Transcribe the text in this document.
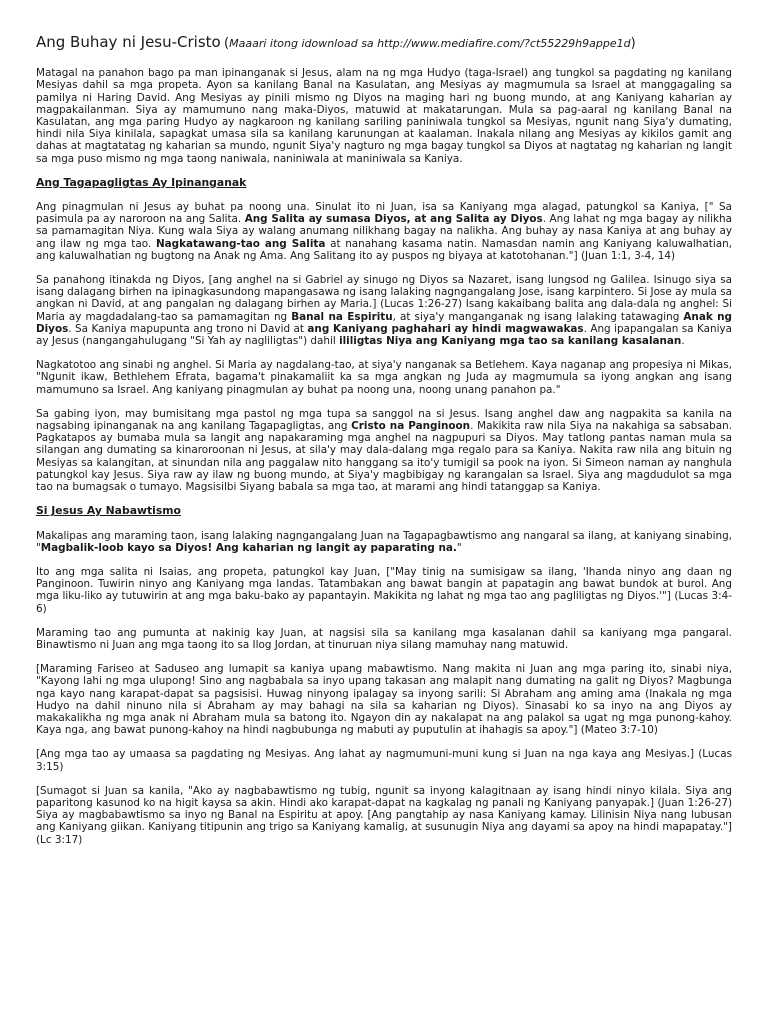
Ang Buhay ni Jesu-Cristo (Maaari itong idownload sa http://www.mediafire.com/?ct55229h9appe1d)

Matagal na panahon bago pa man ipinanganak si Jesus, alam na ng mga Hudyo (taga-Israel) ang tungkol sa pagdating ng kanilang Mesiyas dahil sa mga propeta. Ayon sa kanilang Banal na Kasulatan, ang Mesiyas ay magmumula sa Israel at manggagaling sa pamilya ni Haring David. Ang Mesiyas ay pinili mismo ng Diyos na maging hari ng buong mundo, at ang Kaniyang kaharian ay magpakailanman. Siya ay mamumuno nang maka-Diyos, matuwid at makatarungan. Mula sa pag-aaral ng kanilang Banal na Kasulatan, ang mga paring Hudyo ay nagkaroon ng kanilang sariling paniniwala tungkol sa Mesiyas, ngunit nang Siya'y dumating, hindi nila Siya kinilala, sapagkat umasa sila sa kanilang karunungan at kaalaman. Inakala nilang ang Mesiyas ay kikilos gamit ang dahas at magtatatag ng kaharian sa mundo, ngunit Siya'y nagturo ng mga bagay tungkol sa Diyos at nagtatag ng kaharian ng langit sa mga puso mismo ng mga taong naniwala, naniniwala at maniniwala sa Kaniya.

Ang Tagapagligtas Ay Ipinanganak

Ang pinagmulan ni Jesus ay buhat pa noong una. Sinulat ito ni Juan, isa sa Kaniyang mga alagad, patungkol sa Kaniya, [" Sa pasimula pa ay naroroon na ang Salita. Ang Salita ay sumasa Diyos, at ang Salita ay Diyos. Ang lahat ng mga bagay ay nilikha sa pamamagitan Niya. Kung wala Siya ay walang anumang nilikhang bagay na nalikha. Ang buhay ay nasa Kaniya at ang buhay ay ang ilaw ng mga tao. Nagkatawang-tao ang Salita at nanahang kasama natin. Namasdan namin ang Kaniyang kaluwalhatian, ang kaluwalhatian ng bugtong na Anak ng Ama. Ang Salitang ito ay puspos ng biyaya at katotohanan."] (Juan 1:1, 3-4, 14)

Sa panahong itinakda ng Diyos, [ang anghel na si Gabriel ay sinugo ng Diyos sa Nazaret, isang lungsod ng Galilea. Isinugo siya sa isang dalagang birhen na ipinagkasundong mapangasawa ng isang lalaking nagngangalang Jose, isang karpintero. Si Jose ay mula sa angkan ni David, at ang pangalan ng dalagang birhen ay Maria.] (Lucas 1:26-27) Isang kakaibang balita ang dala-dala ng anghel: Si Maria ay magdadalang-tao sa pamamagitan ng Banal na Espiritu, at siya'y manganganak ng isang lalaking tatawaging Anak ng Diyos. Sa Kaniya mapupunta ang trono ni David at ang Kaniyang paghahari ay hindi magwawakas. Ang ipapangalan sa Kaniya ay Jesus (nangangahulugang "Si Yah ay nagliligtas") dahil ililigtas Niya ang Kaniyang mga tao sa kanilang kasalanan.

Nagkatotoo ang sinabi ng anghel. Si Maria ay nagdalang-tao, at siya'y nanganak sa Betlehem. Kaya naganap ang propesiya ni Mikas, "Ngunit ikaw, Bethlehem Efrata, bagama't pinakamaliit ka sa mga angkan ng Juda ay magmumula sa iyong angkan ang isang mamumuno sa Israel. Ang kaniyang pinagmulan ay buhat pa noong una, noong unang panahon pa."

Sa gabing iyon, may bumisitang mga pastol ng mga tupa sa sanggol na si Jesus. Isang anghel daw ang nagpakita sa kanila na nagsabing ipinanganak na ang kanilang Tagapagligtas, ang Cristo na Panginoon. Makikita raw nila Siya na nakahiga sa sabsaban. Pagkatapos ay bumaba mula sa langit ang napakaraming mga anghel na nagpupuri sa Diyos. May tatlong pantas naman mula sa silangan ang dumating sa kinaroroonan ni Jesus, at sila'y may dala-dalang mga regalo para sa Kaniya. Nakita raw nila ang bituin ng Mesiyas sa kalangitan, at sinundan nila ang paggalaw nito hanggang sa ito'y tumigil sa pook na iyon. Si Simeon naman ay nanghula patungkol kay Jesus. Siya raw ay ilaw ng buong mundo, at Siya'y magbibigay ng karangalan sa Israel. Siya ang magdudulot sa mga tao na bumagsak o tumayo. Magsisilbi Siyang babala sa mga tao, at marami ang hindi tatanggap sa Kaniya.

Si Jesus Ay Nabawtismo

Makalipas ang maraming taon, isang lalaking nagngangalang Juan na Tagapagbawtismo ang nangaral sa ilang, at kaniyang sinabing, "Magbalik-loob kayo sa Diyos! Ang kaharian ng langit ay paparating na."

Ito ang mga salita ni Isaias, ang propeta, patungkol kay Juan, ["May tinig na sumisigaw sa ilang, 'Ihanda ninyo ang daan ng Panginoon. Tuwirin ninyo ang Kaniyang mga landas. Tatambakan ang bawat bangin at papatagin ang bawat bundok at burol. Ang mga liku-liko ay tutuwirin at ang mga baku-bako ay papantayin. Makikita ng lahat ng mga tao ang pagliligtas ng Diyos.'"] (Lucas 3:4-6)

Maraming tao ang pumunta at nakinig kay Juan, at nagsisi sila sa kanilang mga kasalanan dahil sa kaniyang mga pangaral. Binawtismo ni Juan ang mga taong ito sa Ilog Jordan, at tinuruan niya silang mamuhay nang matuwid.

[Maraming Fariseo at Saduseo ang lumapit sa kaniya upang mabawtismo. Nang makita ni Juan ang mga paring ito, sinabi niya, "Kayong lahi ng mga ulupong! Sino ang nagbabala sa inyo upang takasan ang malapit nang dumating na galit ng Diyos? Magbunga nga kayo nang karapat-dapat sa pagsisisi. Huwag ninyong ipalagay sa inyong sarili: Si Abraham ang aming ama (Inakala ng mga Hudyo na dahil ninuno nila si Abraham ay may bahagi na sila sa kaharian ng Diyos). Sinasabi ko sa inyo na ang Diyos ay makakalikha ng mga anak ni Abraham mula sa batong ito. Ngayon din ay nakalapat na ang palakol sa ugat ng mga punong-kahoy. Kaya nga, ang bawat punong-kahoy na hindi nagbubunga ng mabuti ay puputulin at ihahagis sa apoy."] (Mateo 3:7-10)

[Ang mga tao ay umaasa sa pagdating ng Mesiyas. Ang lahat ay nagmumuni-muni kung si Juan na nga kaya ang Mesiyas.] (Lucas 3:15)

[Sumagot si Juan sa kanila, "Ako ay nagbabawtismo ng tubig, ngunit sa inyong kalagitnaan ay isang hindi ninyo kilala. Siya ang paparitong kasunod ko na higit kaysa sa akin. Hindi ako karapat-dapat na kagkalag ng panali ng Kaniyang panyapak.] (Juan 1:26-27) Siya ay magbabawtismo sa inyo ng Banal na Espiritu at apoy. [Ang pangtahip ay nasa Kaniyang kamay. Lilinisin Niya nang lubusan ang Kaniyang giikan. Kaniyang titipunin ang trigo sa Kaniyang kamalig, at susunugin Niya ang dayami sa apoy na hindi mapapatay."] (Lc 3:17)
